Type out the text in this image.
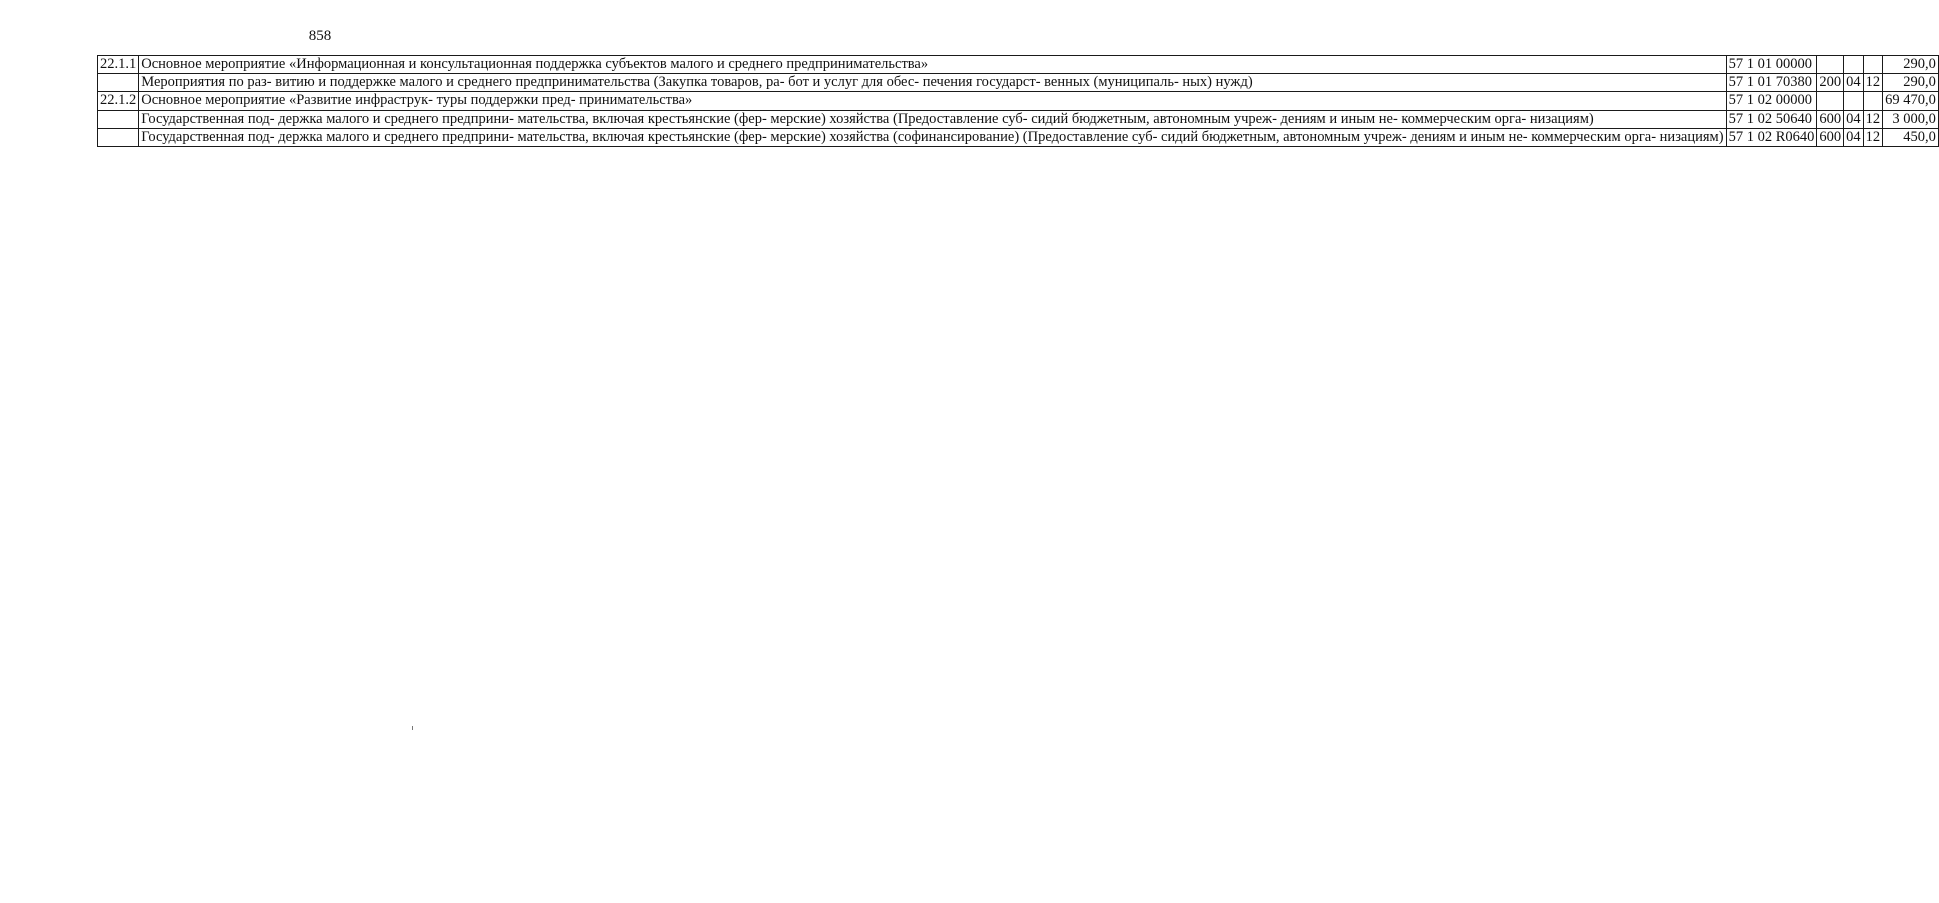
858
22.1.1	Основное мероприятие «Информационная и консультационная поддержка субъектов малого и среднего предпринимательства»	57 1 01 00000				290,0
	Мероприятия по раз- витию и поддержке малого и среднего предпринимательства (Закупка товаров, ра- бот и услуг для обес- печения государст- венных (муниципаль- ных) нужд)	57 1 01 70380	200	04	12	290,0
22.1.2	Основное мероприятие «Развитие инфраструк- туры поддержки пред- принимательства»	57 1 02 00000				69 470,0
	Государственная под- держка малого и среднего предприни- мательства, включая крестьянские (фер- мерские) хозяйства (Предоставление суб- сидий бюджетным, автономным учреж- дениям и иным не- коммерческим орга- низациям)	57 1 02 50640	600	04	12	3 000,0
	Государственная под- держка малого и среднего предприни- мательства, включая крестьянские (фер- мерские) хозяйства (софинансирование) (Предоставление суб- сидий бюджетным, автономным учреж- дениям и иным не- коммерческим орга- низациям)	57 1 02 R0640	600	04	12	450,0
